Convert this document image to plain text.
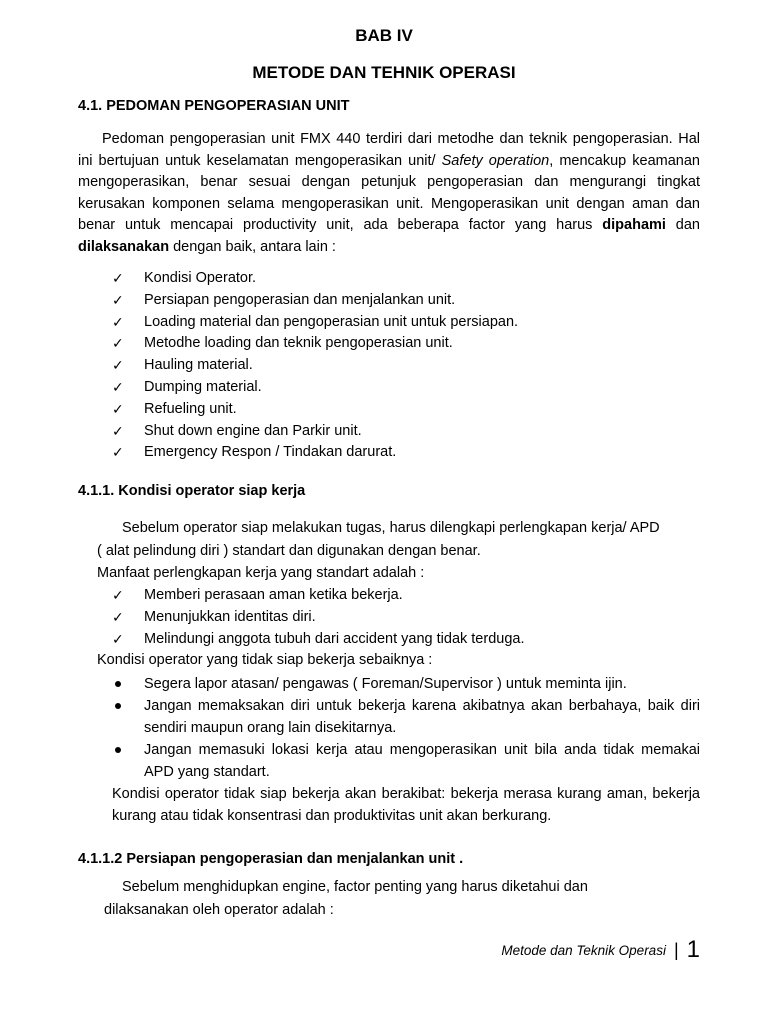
BAB IV
METODE DAN TEHNIK OPERASI
4.1. PEDOMAN PENGOPERASIAN UNIT
Pedoman pengoperasian unit FMX 440 terdiri dari metodhe dan teknik pengoperasian. Hal ini bertujuan untuk keselamatan mengoperasikan unit/ Safety operation, mencakup keamanan mengoperasikan, benar sesuai dengan petunjuk pengoperasian dan mengurangi tingkat kerusakan komponen selama mengoperasikan unit. Mengoperasikan unit dengan aman dan benar untuk mencapai productivity unit, ada beberapa factor yang harus dipahami dan dilaksanakan dengan baik, antara lain :
✓ Kondisi Operator.
✓ Persiapan pengoperasian dan menjalankan unit.
✓ Loading material dan pengoperasian unit untuk persiapan.
✓ Metodhe loading dan teknik pengoperasian unit.
✓ Hauling material.
✓ Dumping material.
✓ Refueling unit.
✓ Shut down engine dan Parkir unit.
✓ Emergency Respon / Tindakan darurat.
4.1.1. Kondisi operator siap kerja
Sebelum operator siap melakukan tugas, harus dilengkapi perlengkapan kerja/ APD
( alat pelindung diri ) standart dan digunakan dengan benar.
Manfaat perlengkapan kerja yang standart adalah :
✓ Memberi perasaan aman ketika bekerja.
✓ Menunjukkan identitas diri.
✓ Melindungi anggota tubuh dari accident yang tidak terduga.
Kondisi operator yang tidak siap bekerja sebaiknya :
Segera lapor atasan/ pengawas ( Foreman/Supervisor ) untuk meminta ijin.
Jangan memaksakan diri untuk bekerja karena akibatnya akan berbahaya, baik diri sendiri maupun orang lain disekitarnya.
Jangan memasuki lokasi kerja atau mengoperasikan unit bila anda tidak memakai APD yang standart.
Kondisi operator tidak siap bekerja akan berakibat: bekerja merasa kurang aman, bekerja kurang atau tidak konsentrasi dan produktivitas unit akan berkurang.
4.1.1.2 Persiapan pengoperasian dan menjalankan unit .
Sebelum menghidupkan engine, factor penting yang harus diketahui dan
dilaksanakan oleh operator adalah :
Metode dan Teknik Operasi | 1
